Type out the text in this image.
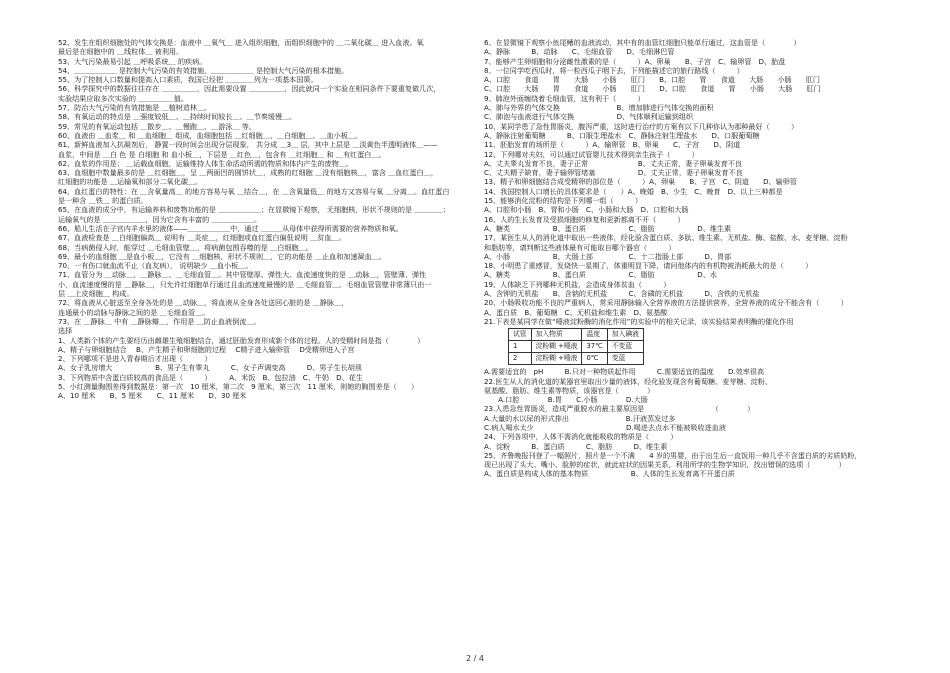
52、发生在组织细胞处的气体交换是：血液中 ＿氧气＿ 进入组织细胞，而组织细胞中的 ＿二氧化碳＿ 进入血液。氧
最后是在细胞中的 ＿线粒体＿ 被利用。
53、大气污染最易引起 ＿呼吸系统＿ 的疾病。
54、＿＿＿＿＿＿ 是控制大气污染的有效措施，＿＿＿＿＿＿ 是控制大气污染的根本措施。
55、为了控制人口数量和提高人口素质，我国已经把 ＿＿＿＿列为一项基本国策。
56、科学探究中的数据往往存在 ＿＿＿＿＿，因此需要设置 ＿＿＿＿＿，因此就同一个实验在相同条件下要重复做几次，
实验结果应取多次实验的 ＿＿＿＿＿值。
57、防治大气污染的有效措施是 ＿植树造林＿。
58、有氧运动的特点是 ＿强度较低＿、＿持续时间较长＿、＿节奏缓慢＿。
59、常见的有氧运动包括 ＿散步＿、＿慢跑＿、＿游泳＿ 等。
60、血液由 ＿血浆＿ 和 ＿血细胞＿ 组成，血细胞包括 ＿红细胞＿、＿白细胞＿、＿血小板＿。
61、新鲜血液加入抗凝剂后， 静置一段时间会出现分层现象， 共分成 ＿3＿ 层，其中上层是 ＿淡黄色半透明液体＿——
血浆，中间是 ＿白 色 是 白细胞 和 血小板＿，下层是 ＿红色＿，包含有 ＿红细胞＿ 和 ＿有红蛋白＿。
62、血浆的作用是： ＿运载血细胞，运输维持人体生命活动所需的物质和体内产生的废物＿。
63、血细胞中数量最多的是 ＿红细胞＿，呈 ＿两面凹的圆饼状＿，成熟的红细胞 ＿没有细胞核＿，富含 ＿血红蛋白＿，
红细胞的功能是 ＿运输氧和部分二氧化碳＿。
64、血红蛋白的特性：在 ＿含氧量高＿ 的地方容易与氧 ＿结合＿，在 ＿含氧量低＿ 的地方又容易与氧 ＿分离＿。血红蛋白
是一种含 ＿铁＿ 的蛋白质。
65、在血液的成分中，有运输养料和废物功能的是 ＿＿＿＿＿＿；在显微镜下观察， 无细胞核，形状不规则的是 ＿＿＿＿；
运输氧气的是 ＿＿＿＿＿＿，因为它含有丰富的 ＿＿＿＿＿＿。
66、船儿生活在子宫内羊水里的液体——＿＿＿＿＿＿中，通过 ＿＿＿从母体中获得所需要的营养物质和氧。
67、血液检查是 ＿白细胞偏高＿ 说明有 ＿炎症＿，红细胞或血红蛋白偏低说明 ＿贫血＿。
68、当病菌侵入时，能穿过 ＿毛细血管壁＿，将病菌包围吞噬的是 ＿白细胞＿。
69、最小的血细胞 ＿是血小板＿，它没有 ＿细胞核，形状不规则＿，它的功能是 ＿止血和加速凝血＿。
70、一有伤口就血流不止（血友病）， 说明缺少 ＿血小板＿。
71、血管分为 ＿动脉＿、＿静脉＿、＿毛细血管＿。其中管壁厚、弹性大、血流速度快的是 ＿动脉＿，管壁薄、弹性
小，血流速度慢的是 ＿静脉＿，只允许红细胞单行通过且血流速度最慢的是 ＿毛细血管＿。毛细血管管壁非常薄只由一
层 ＿上皮细胞＿ 构成。
72、将血液从心脏送至全身各处的是 ＿动脉＿，将血液从全身各处送回心脏的是 ＿静脉＿，
连通最小的动脉与静脉之间的是 ＿毛细血管＿。
73、在 ＿静脉＿ 中有 ＿静脉瓣＿，作用是 ＿防止血液倒流＿。
选择
1、人类新个体的产生要经历由雌雄生殖细胞结合，通过胚胎发育形成新个体的过程。人的受精时间是指（　　　　）
A、精子与卵细胞结合　 B、产生精子和卵细胞的过程　 C精子进入输卵管　 D受精卵进入子宫
2、下列哪项不是进入青春期后才出现（　　　）
A、女子乳房增大　　　　　　B、男子生有睾丸　　　C、女子声调变高　　　D、男子生长胡须
3、下列物质中含蛋白质较高的食品是（　　　）　　　A、米饭　B、包拉油　C、牛奶　D、花生
5、小红测量胸围差得到数据是：第一次　10 厘米，第二次　9 厘米，第三次　11 厘米，则她的胸围差是（　　）
A、10 厘米　　B、5 厘米　　C、11 厘米　　D、30 厘米
6、在显微镜下观察小鱼尾鳍的血液流动，其中有的血管红细胞只能单行通过，这血管是（　　　　）
A、静脉　　　B、动脉　　C、毛细血管　　D、毛细淋巴管
7、能够产生卵细胞和分泌雌性激素的是（　　　）A、卵巢　　B、子宫　C、输卵管　D、胎盘
8、一位同学吃西瓜时，将一粒西瓜子咽下去，下列能描述它的旅行路线（　　　）
A、口腔　　食道　　胃　　大肠　　小肠　　肛门　　B、口腔　　胃　　食道　　大肠　　小肠　　肛门
C、口腔　　大肠　　胃　　食道　　小肠　　肛门　　D、口腔　　食道　　胃　　小肠　　大肠　　肛门
9、肺泡外面缠绕着毛细血管，这有利于（　　　）
A、肺与外界的气体交换　　　　　　　　B、增加肺进行气体交换的面积
C、肺泡与血液进行气体交换　　　　　　D、气体顺利运输到组织
10、某同学患了急性胃肠炎，腹泻严重，这时进行治疗的方案有以下几种你认为那种最好（　　　）
A、静脉注射葡萄糖　　　B、口服生理盐水　C、静脉注射生理盐水　　D、口服葡萄糖
11、胚胎发育的场所是（　　　）A、输卵管　B、卵巢　　C、子宫　　D、阴道
12、下列哪对夫妇，可以通过试管婴儿技术得到亲生孩子（　　　）
A、丈夫睾丸发育不良，妻子正常　　　　　　　B、丈夫正常，妻子卵巢发育不良
C、丈夫精子缺育，妻子输卵管堵塞　　　　　　D、丈夫正常，妻子卵巢发育不良
13、精子和卵细胞结合成受精卵的部位是（　　　）A、卵巢　　B、子宫　C、阴道　　D、输卵管
14、我国控制人口增长的具体要求是（　　）A、晚婚　B、少生　C、晚育　D、以上三种都是
15、能够消化淀粉的结构是下列哪一组（　　　）
A、口腔和小肠　B、胃和小肠　C、小肠和大肠　D、口腔和大肠
16、人的生长发育及受损细胞的修复和更新都离不开（　　　）
A、糖类　　　　　　B、蛋白质　　　　　　C、脂肪　　　　　　D、维生素
17、某医生从人的消化道中取出一些液体，经化验含蛋白质、多肽、维生素、无机盐、酶、盐酸、水、麦芽糖、淀粉
和脂肪等，请判断这些液体最有可能取自哪个器官（　　　）
A、小肠　　　　　　B、大肠上部　　　　　C、十二指肠上部　　　D、胃部
18、小明患了重感冒，发烧快一星期了，体重明显下降，请问他体内的有机物被消耗最大的是（　　　）
A、糖类　　　　　　B、蛋白质　　　　　　C、脂肪　　　　　　D、水
19、人体缺乏下列哪种无机盐，会造成身体贫血（　　　）
A、含钾的无机盐　　B、含钠的无机盐　　　C、含磷的无机盐　　　D、含铁的无机盐
20、小肠吸收功能不良的严重病人，常采用静脉输入全营养液的方法提供营养，全营养液的成分不能含有（　　　）
A、蛋白质　B、葡萄糖　C、无机盐和维生素　D、氨基酸
21.下表是某同学在做“唾液淀粉酶的消化作用”的实验中的相关记录，该实验结果表明酶的催化作用
试管	加入物质	温度	加入碘液
1	淀粉糊 +唾液	37℃	不变蓝
2	淀粉糊 +唾液	0℃	变蓝
A.需要适宜的　pH　　　B.只对一种物质起作用　　　C.需要适宜的温度　　D.效率很高
22.医生从人的消化道的某器官里取出少量的液体，经化验发现含有葡萄糖、麦芽糖、淀粉、
氨基酸、脂肪、维生素等物质，该器官是（　　　　）
　　A.口腔　　　　B.胃　　C.小肠　　　　D.大肠
23.人患急性胃肠炎，造成严重脱水的最主要原因是　　　　　　　　　　（　　　　）
A.大量的水以尿的形式排出　　　　　　　　B.汗液蒸发过多
C.病人喝水太少　　　　　　　　　　　　　D.喝进去点水不能被吸收进血液
24、下列各项中，人体不需消化就能吸收的物质是（　　　）
A、淀粉　　　B、蛋白质　　　C、脂肪　　　D、维生素
25、齐鲁晚报刊登了一幅照片，照片是一个不满　　4 岁的男婴，由于出生后一直饭用一种几乎不含蛋白质的劣质奶粉，
现已出现了头大、嘴小、脸肿的症状，就此症状的因果关系，利用所学的生物学知识，找出错误的选项（　　　　）
A、蛋白质是构成人体的基本物质　　　　　　B、人体的生长发育离不开蛋白质
2 / 4
